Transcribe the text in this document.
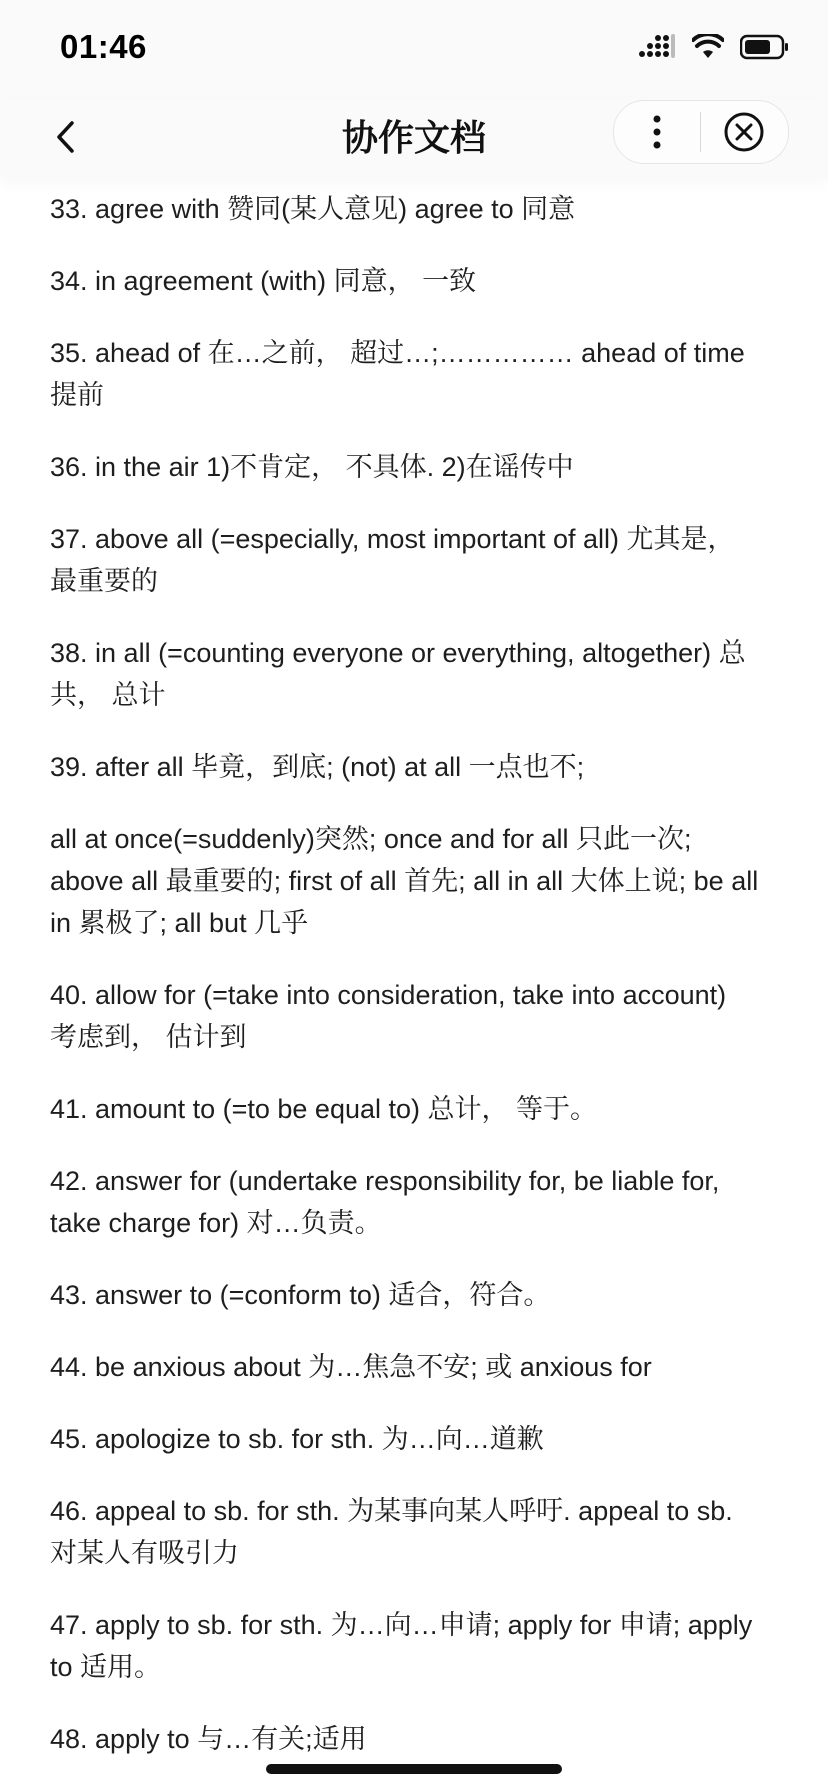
01:46
协作文档

33. agree with 赞同(某人意见) agree to 同意

34. in agreement (with) 同意， 一致

35. ahead of 在…之前， 超过…;…………… ahead of time 提前

36. in the air 1)不肯定， 不具体. 2)在谣传中

37. above all (=especially, most important of all) 尤其是， 最重要的

38. in all (=counting everyone or everything, altogether) 总共， 总计

39. after all 毕竟，到底; (not) at all 一点也不;

all at once(=suddenly)突然; once and for all 只此一次; above all 最重要的; first of all 首先; all in all 大体上说; be all in 累极了; all but 几乎

40. allow for (=take into consideration, take into account) 考虑到， 估计到

41. amount to (=to be equal to) 总计， 等于。

42. answer for (undertake responsibility for, be liable for, take charge for) 对…负责。

43. answer to (=conform to) 适合，符合。

44. be anxious about 为…焦急不安; 或 anxious for

45. apologize to sb. for sth. 为…向…道歉

46. appeal to sb. for sth. 为某事向某人呼吁. appeal to sb. 对某人有吸引力

47. apply to sb. for sth. 为…向…申请; apply for 申请; apply to 适用。

48. apply to 与…有关;适用
